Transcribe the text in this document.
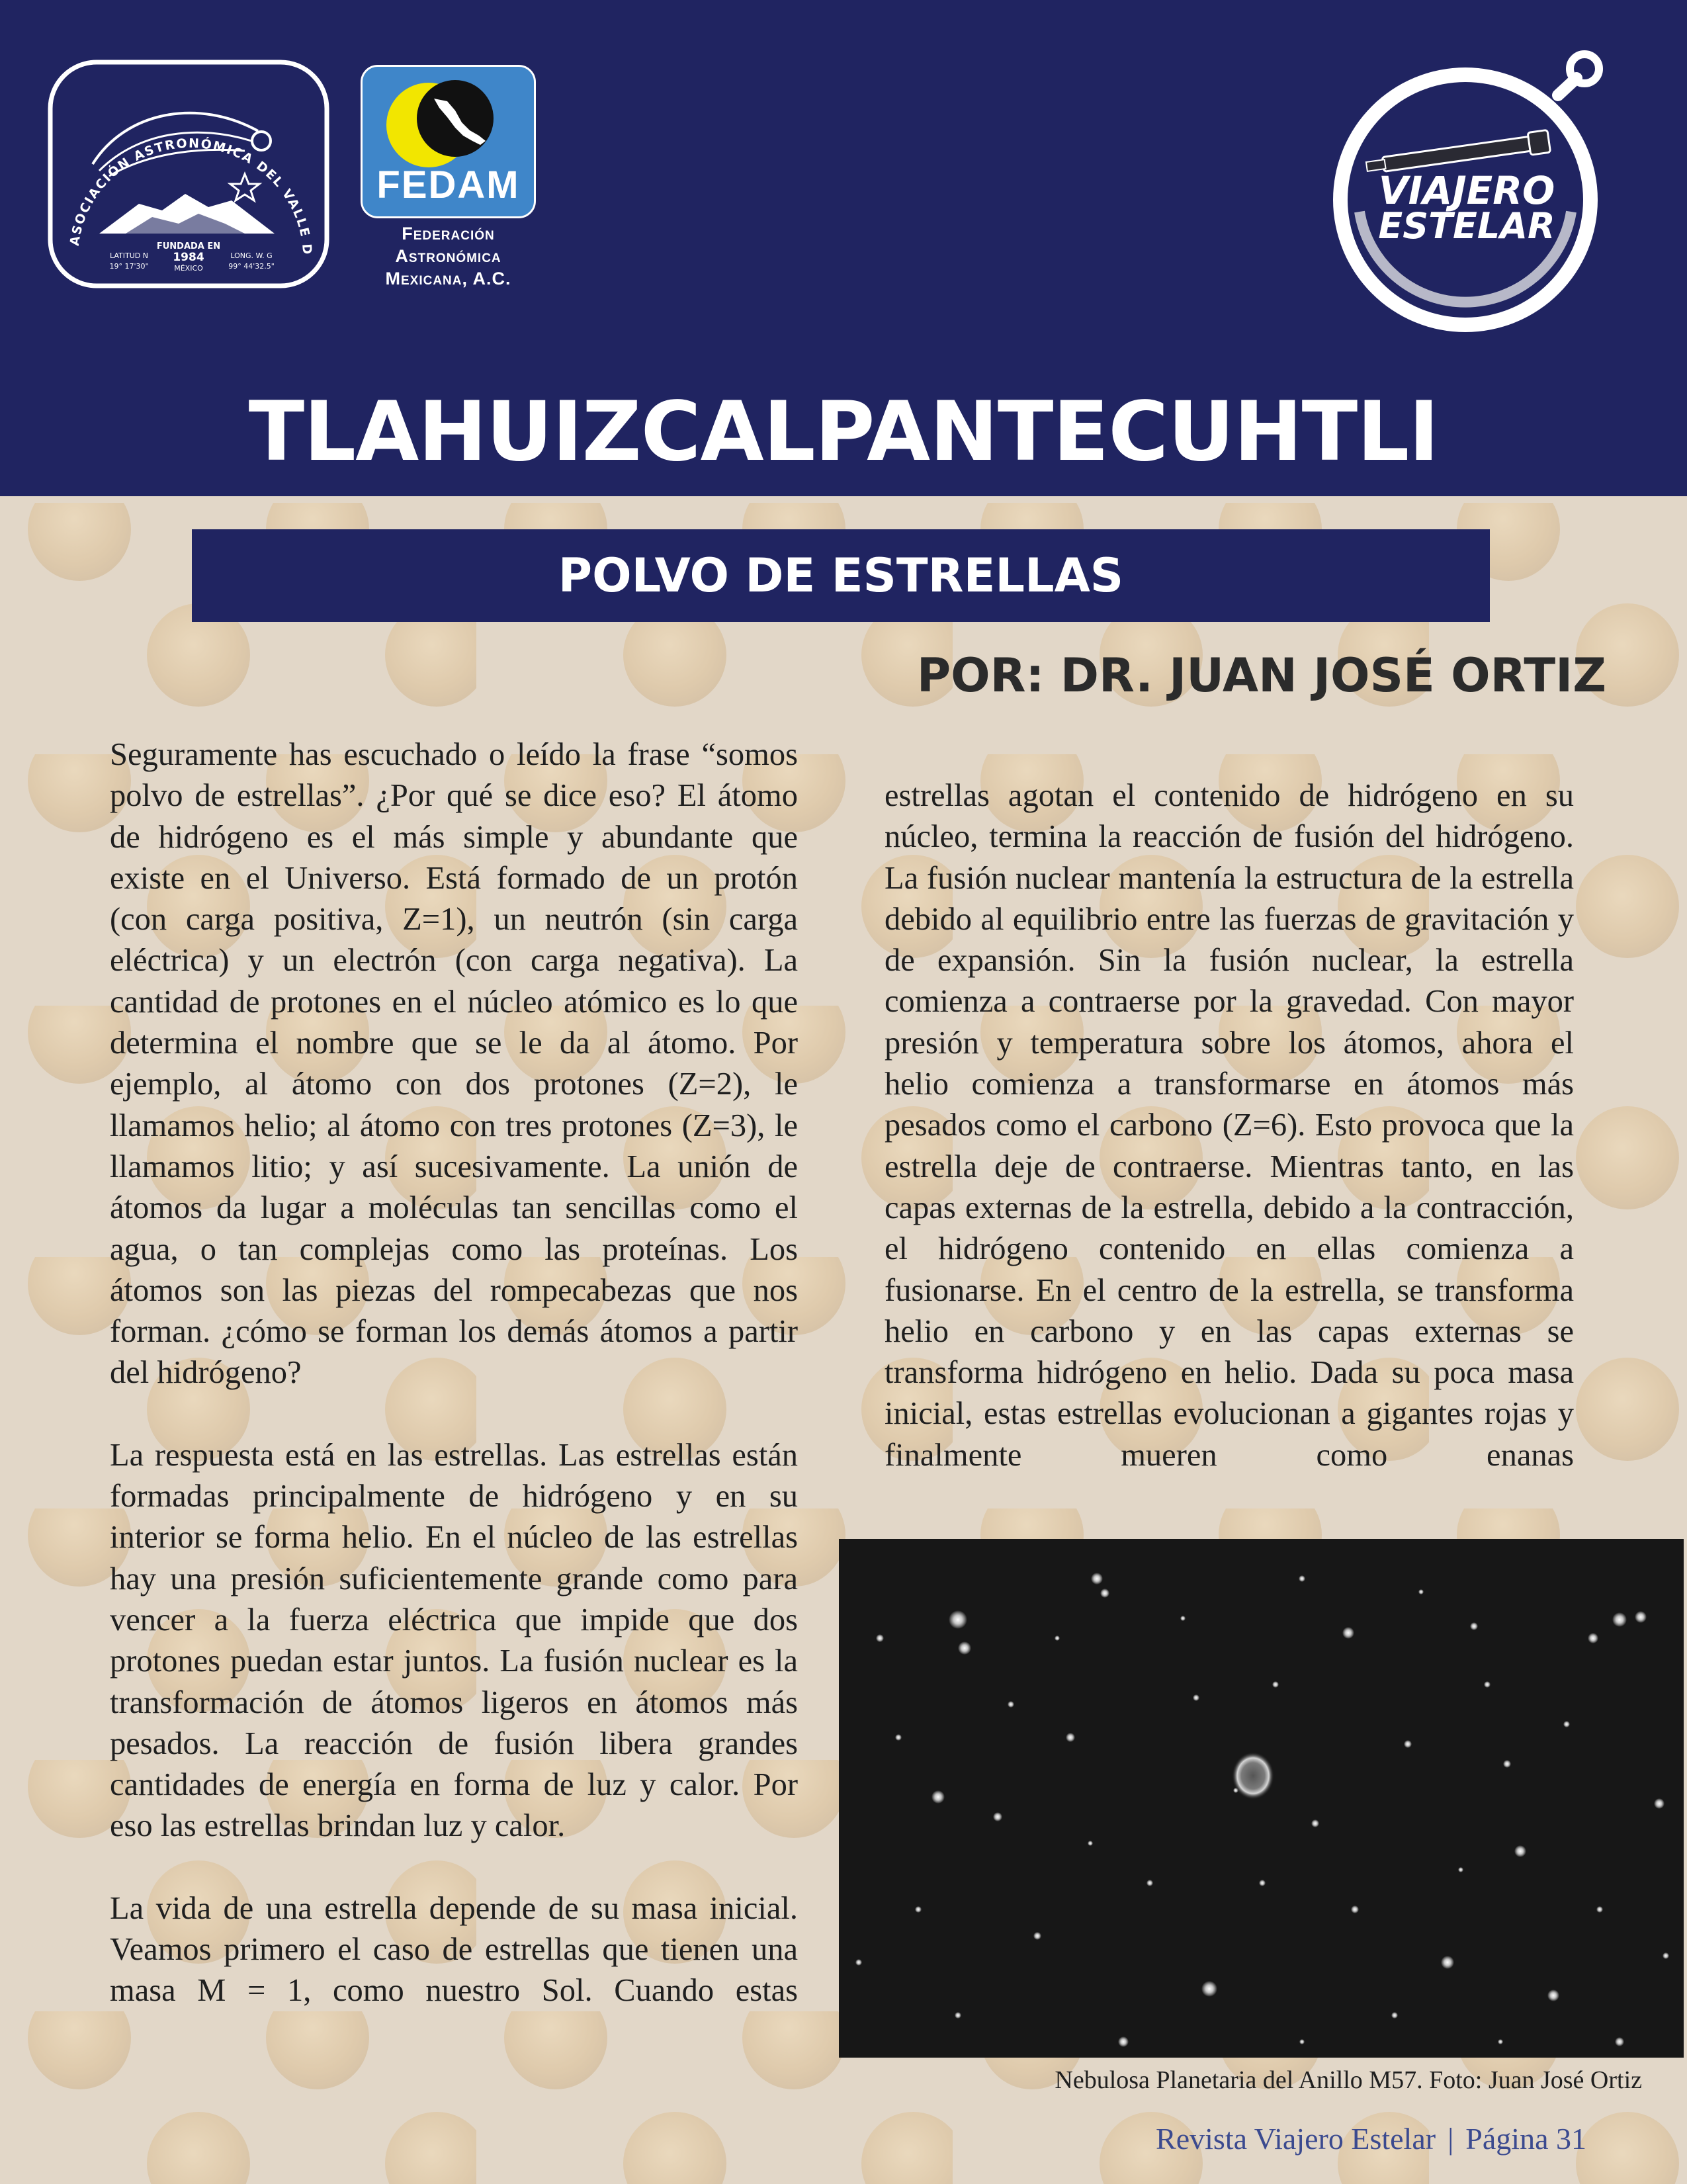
ASOCIACIÓN ASTRONÓMICA DEL VALLE D
FUNDADA EN
1984
MÉXICO
LATITUD N
19° 17'30"
LONG. W. G
99° 44'32.5"
FEDAM
Federación
Astronómica
Mexicana, A.C.
VIAJERO
ESTELAR
TLAHUIZCALPANTECUHTLI
POLVO DE ESTRELLAS
POR: DR. JUAN JOSÉ ORTIZ

Seguramente has escuchado o leído la frase “somos polvo de estrellas”. ¿Por qué se dice eso? El átomo de hidrógeno es el más simple y abundante que existe en el Universo. Está formado de un protón (con carga positiva, Z=1), un neutrón (sin carga eléctrica) y un electrón (con carga negativa). La cantidad de protones en el núcleo atómico es lo que determina el nombre que se le da al átomo. Por ejemplo, al átomo con dos protones (Z=2), le llamamos helio; al átomo con tres protones (Z=3), le llamamos litio; y así sucesivamente. La unión de átomos da lugar a moléculas tan sencillas como el agua, o tan complejas como las proteínas. Los átomos son las piezas del rompecabezas que nos forman. ¿cómo se forman los demás átomos a partir del hidrógeno?

La respuesta está en las estrellas. Las estrellas están formadas principalmente de hidrógeno y en su interior se forma helio. En el núcleo de las estrellas hay una presión suficientemente grande como para vencer a la fuerza eléctrica que impide que dos protones puedan estar juntos. La fusión nuclear es la transformación de átomos ligeros en átomos más pesados. La reacción de fusión libera grandes cantidades de energía en forma de luz y calor. Por eso las estrellas brindan luz y calor.

La vida de una estrella depende de su masa inicial. Veamos primero el caso de estrellas que tienen una masa M = 1, como nuestro Sol. Cuando estas

estrellas agotan el contenido de hidrógeno en su núcleo, termina la reacción de fusión del hidrógeno. La fusión nuclear mantenía la estructura de la estrella debido al equilibrio entre las fuerzas de gravitación y de expansión. Sin la fusión nuclear, la estrella comienza a contraerse por la gravedad. Con mayor presión y temperatura sobre los átomos, ahora el helio comienza a transformarse en átomos más pesados como el carbono (Z=6). Esto provoca que la estrella deje de contraerse. Mientras tanto, en las capas externas de la estrella, debido a la contracción, el hidrógeno contenido en ellas comienza a fusionarse. En el centro de la estrella, se transforma helio en carbono y en las capas externas se transforma hidrógeno en helio. Dada su poca masa inicial, estas estrellas evolucionan a gigantes rojas y finalmente mueren como enanas

Nebulosa Planetaria del Anillo M57. Foto: Juan José Ortiz
Revista Viajero Estelar | Página 31
